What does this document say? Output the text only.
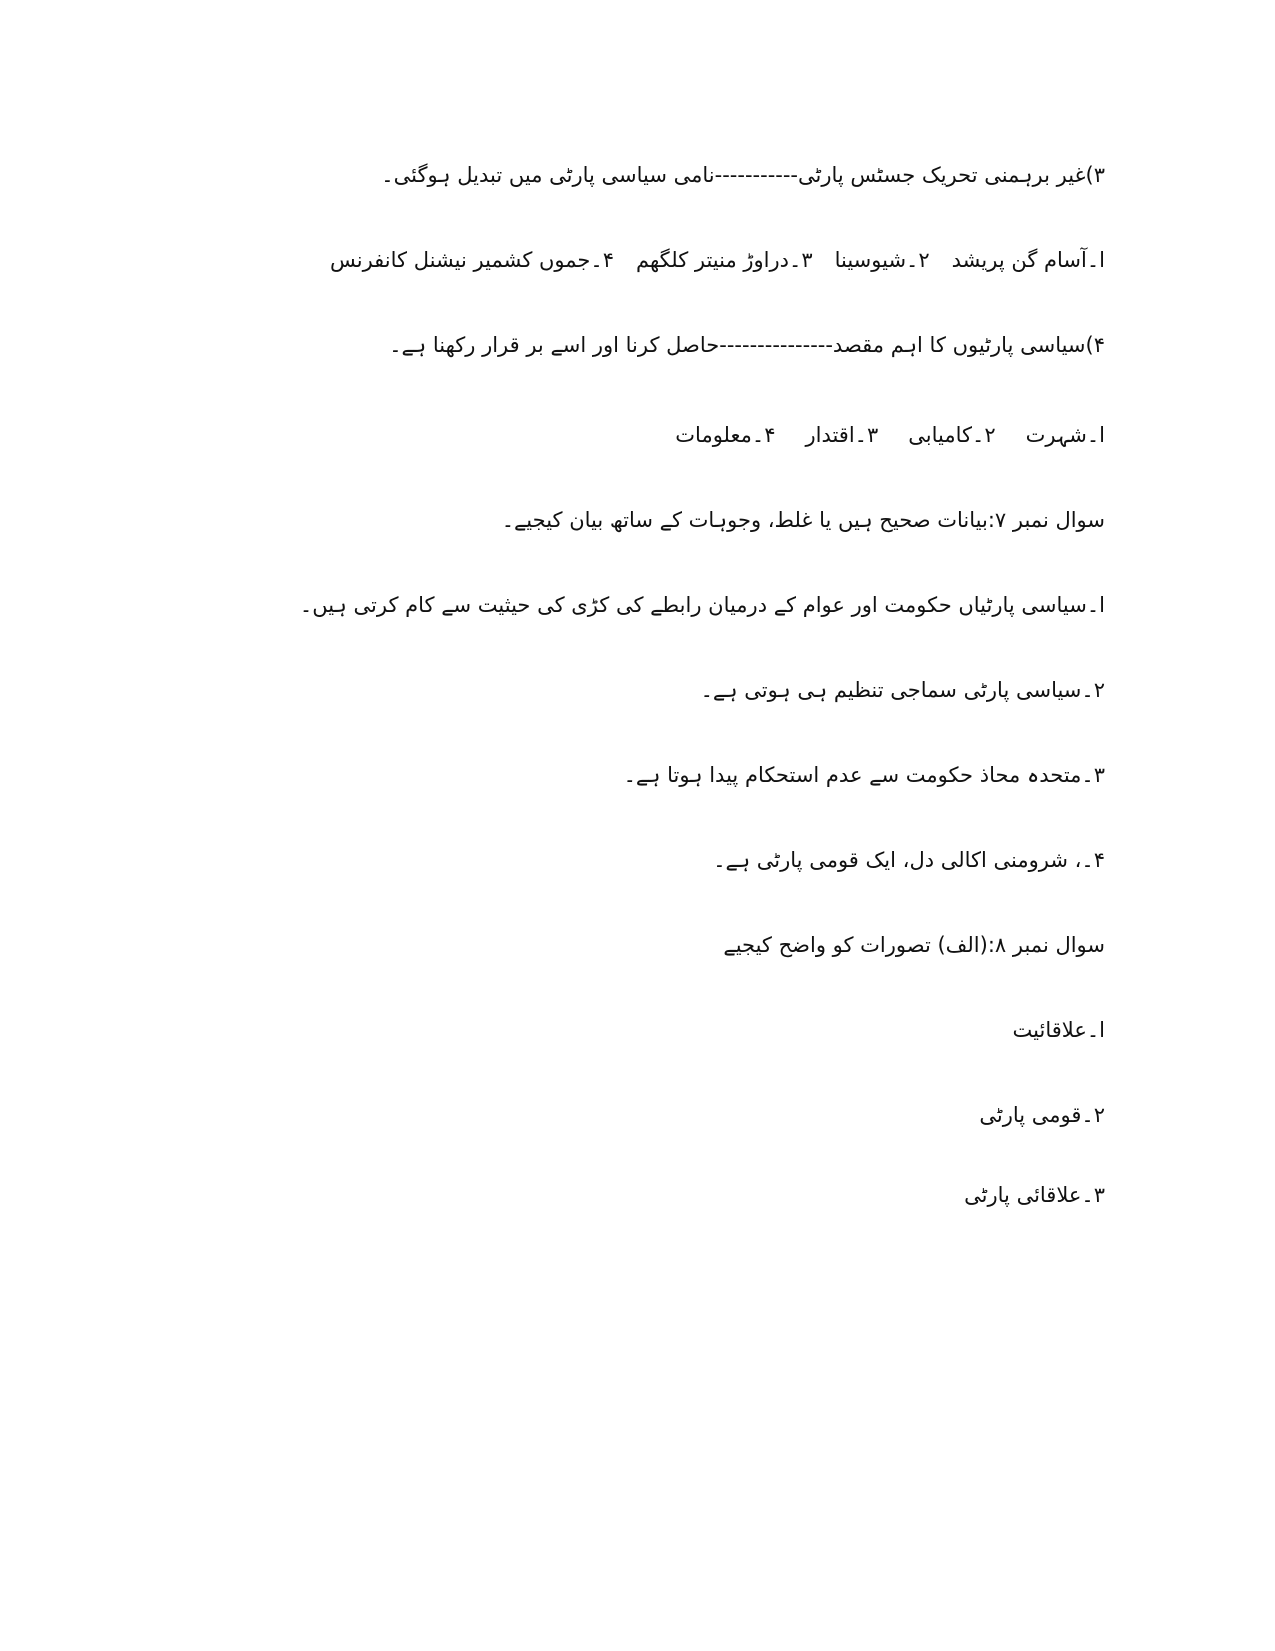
۳)غیر برہمنی تحریک جسٹس پارٹی-----------نامی سیاسی پارٹی میں تبدیل ہوگئی۔
ا۔آسام گن پریشد۲۔شیوسینا۳۔دراوڑ منیتر کلگھم۴۔جموں کشمیر نیشنل کانفرنس
۴)سیاسی پارٹیوں کا اہم مقصد---------------حاصل کرنا اور اسے بر قرار رکھنا ہے۔
ا۔شہرت۲۔کامیابی۳۔اقتدار۴۔معلومات
سوال نمبر ۷:بیانات صحیح ہیں یا غلط، وجوہات کے ساتھ بیان کیجیے۔
ا۔سیاسی پارٹیاں حکومت اور عوام کے درمیان رابطے کی کڑی کی حیثیت سے کام کرتی ہیں۔
۲۔سیاسی پارٹی سماجی تنظیم ہی ہوتی ہے۔
۳۔متحدہ محاذ حکومت سے عدم استحکام پیدا ہوتا ہے۔
۴۔، شرومنی اکالی دل، ایک قومی پارٹی ہے۔
سوال نمبر ۸:(الف) تصورات کو واضح کیجیے
ا۔علاقائیت
۲۔قومی پارٹی
۳۔علاقائی پارٹی
